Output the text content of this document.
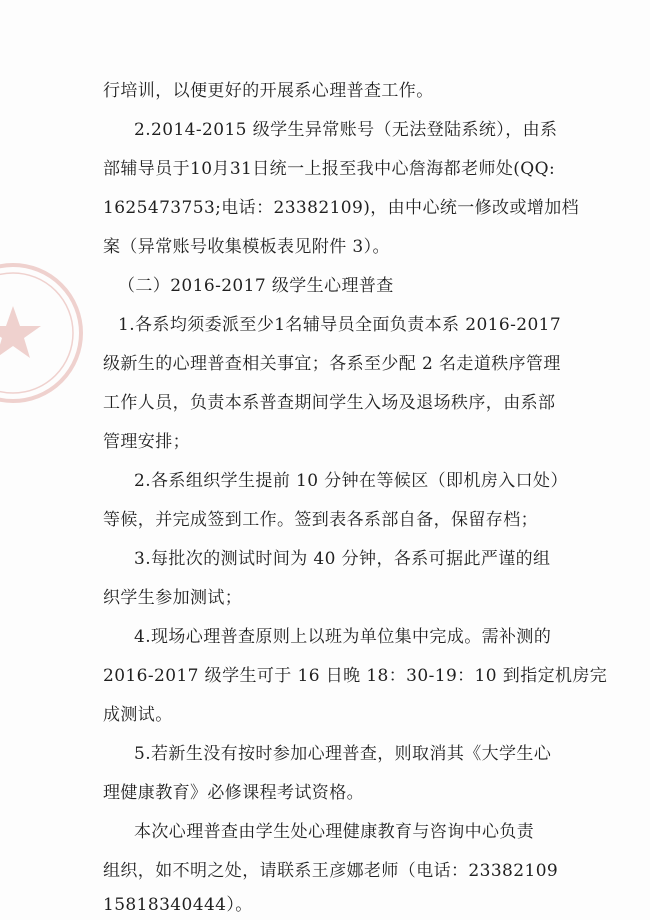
行培训，以便更好的开展系心理普查工作。
2.2014-2015 级学生异常账号（无法登陆系统），由系
部辅导员于10月31日统一上报至我中心詹海都老师处(QQ:
1625473753;电话：23382109)，由中心统一修改或增加档
案（异常账号收集模板表见附件 3）。
（二）2016-2017 级学生心理普查
1.各系均须委派至少1名辅导员全面负责本系 2016-2017
级新生的心理普查相关事宜；各系至少配 2 名走道秩序管理
工作人员，负责本系普查期间学生入场及退场秩序，由系部
管理安排；
2.各系组织学生提前 10 分钟在等候区（即机房入口处）
等候，并完成签到工作。签到表各系部自备，保留存档；
3.每批次的测试时间为 40 分钟，各系可据此严谨的组
织学生参加测试；
4.现场心理普查原则上以班为单位集中完成。需补测的
2016-2017 级学生可于 16 日晚 18：30-19：10 到指定机房完
成测试。
5.若新生没有按时参加心理普查，则取消其《大学生心
理健康教育》必修课程考试资格。
本次心理普查由学生处心理健康教育与咨询中心负责
组织，如不明之处，请联系王彦娜老师（电话：23382109
15818340444）。
